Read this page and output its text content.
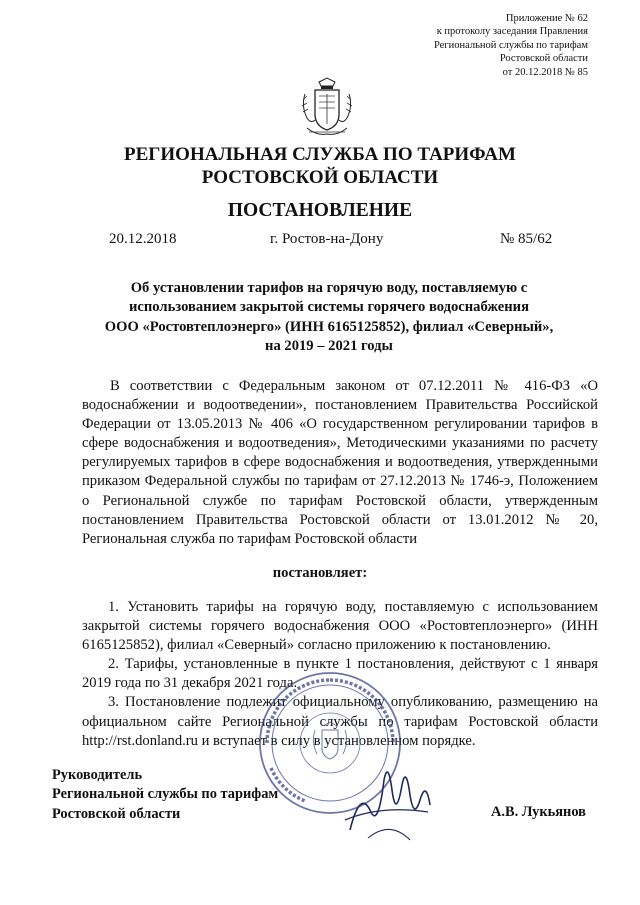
Приложение № 62
к протоколу заседания Правления
Региональной службы по тарифам
Ростовской области
от 20.12.2018 № 85
РЕГИОНАЛЬНАЯ СЛУЖБА ПО ТАРИФАМ
РОСТОВСКОЙ ОБЛАСТИ
ПОСТАНОВЛЕНИЕ
20.12.2018	г. Ростов-на-Дону	№ 85/62
Об установлении тарифов на горячую воду, поставляемую с
использованием закрытой системы горячего водоснабжения
ООО «Ростовтеплоэнерго» (ИНН 6165125852), филиал «Северный»,
на 2019 – 2021 годы
В соответствии с Федеральным законом от 07.12.2011 № 416-ФЗ «О водоснабжении и водоотведении», постановлением Правительства Российской Федерации от 13.05.2013 № 406 «О государственном регулировании тарифов в сфере водоснабжения и водоотведения», Методическими указаниями по расчету регулируемых тарифов в сфере водоснабжения и водоотведения, утвержденными приказом Федеральной службы по тарифам от 27.12.2013 № 1746-э, Положением о Региональной службе по тарифам Ростовской области, утвержденным постановлением Правительства Ростовской области от 13.01.2012 № 20, Региональная служба по тарифам Ростовской области
постановляет:

1. Установить тарифы на горячую воду, поставляемую с использованием закрытой системы горячего водоснабжения ООО «Ростовтеплоэнерго» (ИНН 6165125852), филиал «Северный» согласно приложению к постановлению.

2. Тарифы, установленные в пункте 1 постановления, действуют с 1 января 2019 года по 31 декабря 2021 года.

3. Постановление подлежит официальному опубликованию, размещению на официальном сайте Региональной службы по тарифам Ростовской области http://rst.donland.ru и вступает в силу в установленном порядке.

Руководитель
Региональной службы по тарифам
Ростовской области	А.В. Лукьянов
